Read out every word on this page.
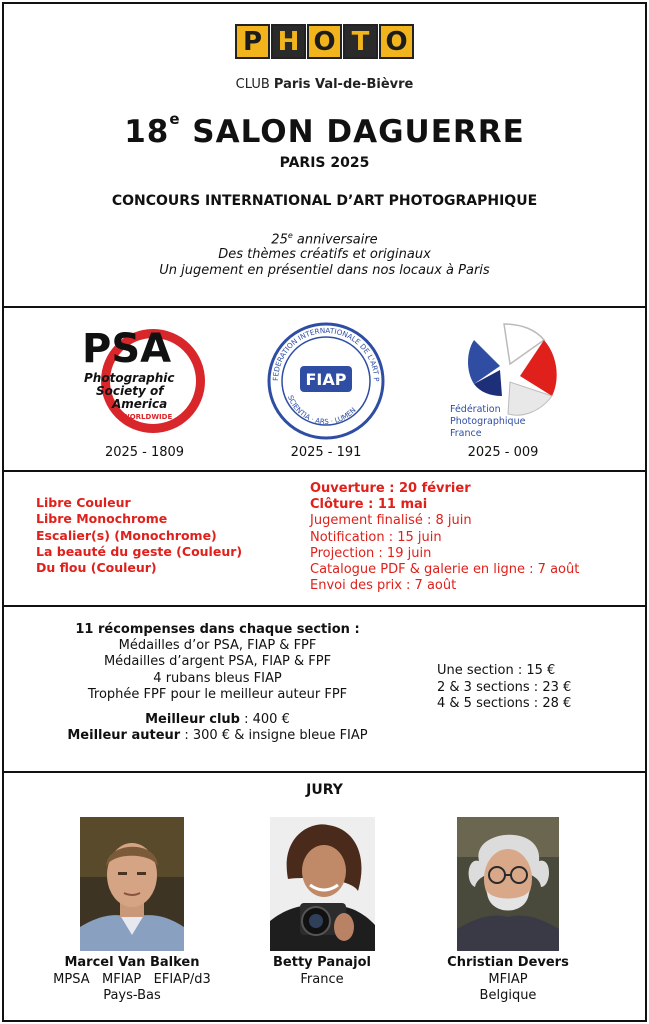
P H O T O
CLUB Paris Val-de-Bièvre
18e SALON DAGUERRE
PARIS 2025
CONCOURS INTERNATIONAL D’ART PHOTOGRAPHIQUE
25e anniversaire
Des thèmes créatifs et originaux
Un jugement en présentiel dans nos locaux à Paris
PSA
Photographic
Society of
America
WORLDWIDE
2025 - 1809
FEDERATION INTERNATIONALE DE L'ART P
SCIENTIA · ARS · LUMEN
FIAP
2025 - 191
Fédération
Photographique
France
2025 - 009
Libre Couleur
Libre Monochrome
Escalier(s) (Monochrome)
La beauté du geste (Couleur)
Du flou (Couleur)
Ouverture : 20 février
Clôture : 11 mai
Jugement finalisé : 8 juin
Notification : 15 juin
Projection : 19 juin
Catalogue PDF & galerie en ligne : 7 août
Envoi des prix : 7 août
11 récompenses dans chaque section :
Médailles d’or PSA, FIAP & FPF
Médailles d’argent PSA, FIAP & FPF
4 rubans bleus FIAP
Trophée FPF pour le meilleur auteur FPF
Meilleur club : 400 €
Meilleur auteur : 300 € & insigne bleue FIAP
Une section : 15 €
2 & 3 sections : 23 €
4 & 5 sections : 28 €
JURY
Marcel Van Balken
MPSA   MFIAP   EFIAP/d3
Pays-Bas
Betty Panajol
France
Christian Devers
MFIAP
Belgique
